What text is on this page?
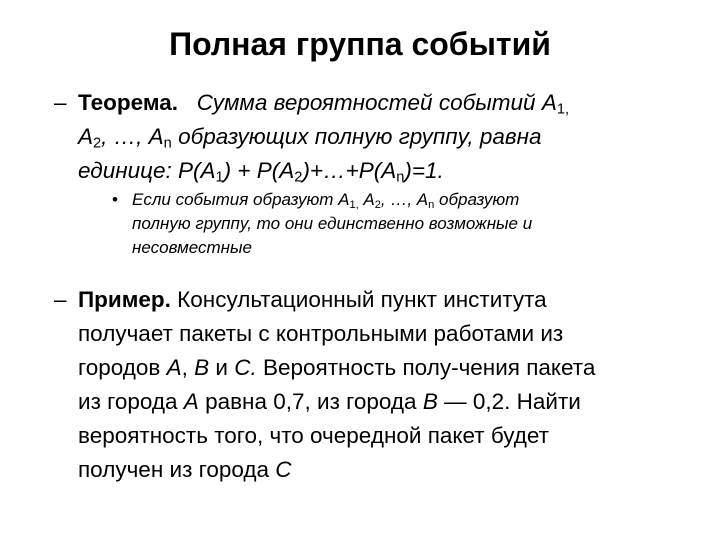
Полная группа событий
– Теорема. Сумма вероятностей событий $А_{1,}$
$А_2$, …, $А_n$ образующих полную группу, равна
единице: $Р(А_1)$ + $Р(А_2)+\dots+Р(А_n)=1$.
• Если события образуют $А_{1,}$ $А_2$, …, $А_n$ образуют
полную группу, то они единственно возможные и
несовместные
– Пример. Консультационный пункт института
получает пакеты с контрольными работами из
городов А, В и С. Вероятность полу-чения пакета
из города А равна 0,7, из города В — 0,2. Найти
вероятность того, что очередной пакет будет
получен из города С
